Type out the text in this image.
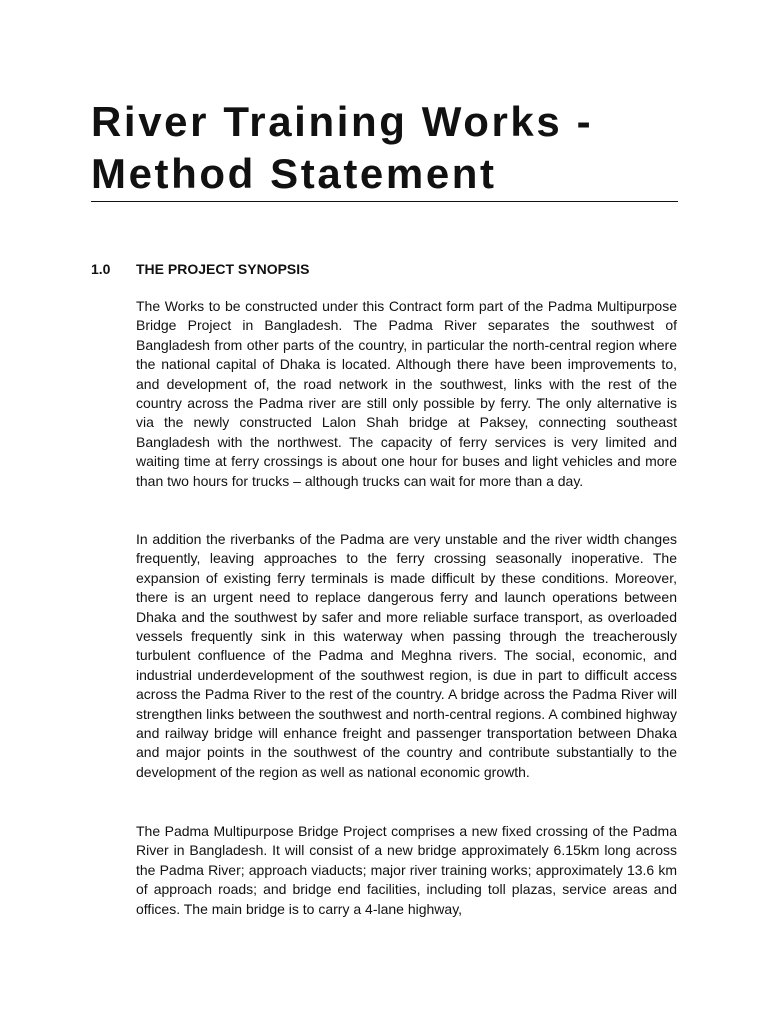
River Training Works -
Method Statement
1.0 THE PROJECT SYNOPSIS

The Works to be constructed under this Contract form part of the Padma Multipurpose Bridge Project in Bangladesh. The Padma River separates the southwest of Bangladesh from other parts of the country, in particular the north-central region where the national capital of Dhaka is located. Although there have been improvements to, and development of, the road network in the southwest, links with the rest of the country across the Padma river are still only possible by ferry. The only alternative is via the newly constructed Lalon Shah bridge at Paksey, connecting southeast Bangladesh with the northwest. The capacity of ferry services is very limited and waiting time at ferry crossings is about one hour for buses and light vehicles and more than two hours for trucks – although trucks can wait for more than a day.

In addition the riverbanks of the Padma are very unstable and the river width changes frequently, leaving approaches to the ferry crossing seasonally inoperative. The expansion of existing ferry terminals is made difficult by these conditions. Moreover, there is an urgent need to replace dangerous ferry and launch operations between Dhaka and the southwest by safer and more reliable surface transport, as overloaded vessels frequently sink in this waterway when passing through the treacherously turbulent confluence of the Padma and Meghna rivers. The social, economic, and industrial underdevelopment of the southwest region, is due in part to difficult access across the Padma River to the rest of the country. A bridge across the Padma River will strengthen links between the southwest and north-central regions. A combined highway and railway bridge will enhance freight and passenger transportation between Dhaka and major points in the southwest of the country and contribute substantially to the development of the region as well as national economic growth.

The Padma Multipurpose Bridge Project comprises a new fixed crossing of the Padma River in Bangladesh. It will consist of a new bridge approximately 6.15km long across the Padma River; approach viaducts; major river training works; approximately 13.6 km of approach roads; and bridge end facilities, including toll plazas, service areas and offices. The main bridge is to carry a 4-lane highway,
